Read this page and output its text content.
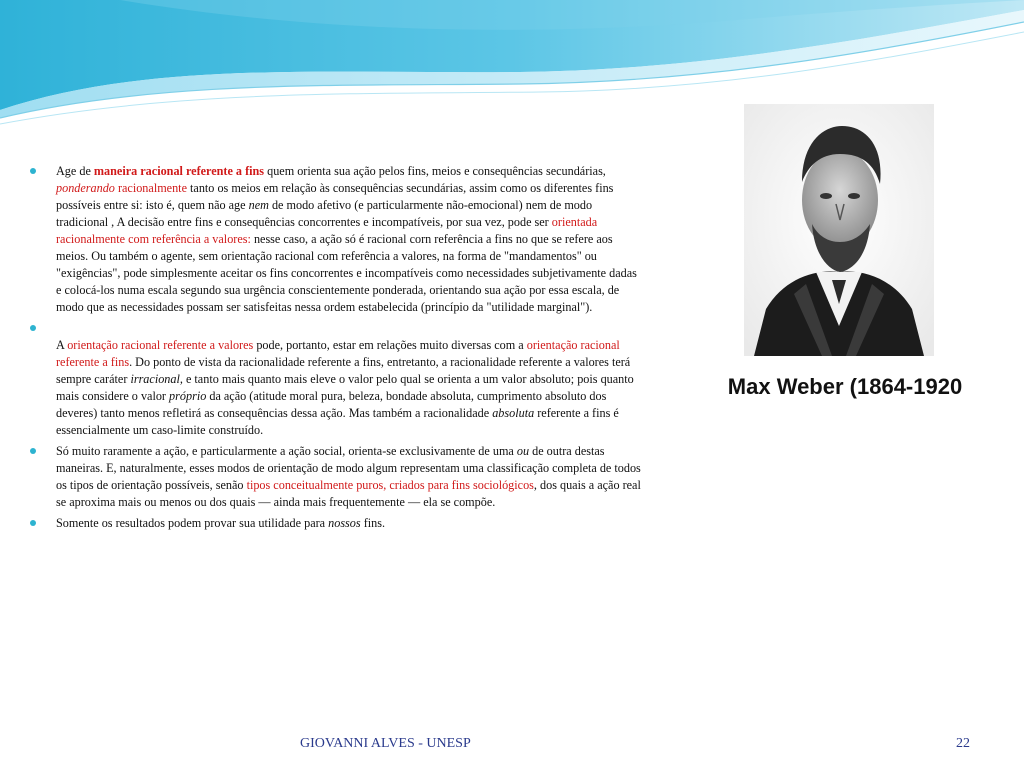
Age de maneira racional referente a fins quem orienta sua ação pelos fins, meios e consequências secundárias, ponderando racionalmente tanto os meios em relação às consequências secundárias, assim como os diferentes fins possíveis entre si: isto é, quem não age nem de modo afetivo (e particularmente não-emocional) nem de modo tradicional , A decisão entre fins e consequências concorrentes e incompatíveis, por sua vez, pode ser orientada racionalmente com referência a valores: nesse caso, a ação só é racional corn referência a fins no que se refere aos meios. Ou também o agente, sem orientação racional com referência a valores, na forma de "mandamentos" ou "exigências", pode simplesmente aceitar os fins concorrentes e incompatíveis como necessidades subjetivamente dadas e colocá-los numa escala segundo sua urgência conscientemente ponderada, orientando sua ação por essa escala, de modo que as necessidades possam ser satisfeitas nessa ordem estabelecida (princípio da "utilidade marginal").

A orientação racional referente a valores pode, portanto, estar em relações muito diversas com a orientação racional referente a fins. Do ponto de vista da racionalidade referente a fins, entretanto, a racionalidade referente a valores terá sempre caráter irracional, e tanto mais quanto mais eleve o valor pelo qual se orienta a um valor absoluto; pois quanto mais considere o valor próprio da ação (atitude moral pura, beleza, bondade absoluta, cumprimento absoluto dos deveres) tanto menos refletirá as consequências dessa ação. Mas também a racionalidade absoluta referente a fins é essencialmente um caso-limite construído.

Só muito raramente a ação, e particularmente a ação social, orienta-se exclusivamente de uma ou de outra destas maneiras. E, naturalmente, esses modos de orientação de modo algum representam uma classificação completa de todos os tipos de orientação possíveis, senão tipos conceitualmente puros, criados para fins sociológicos, dos quais a ação real se aproxima mais ou menos ou dos quais — ainda mais frequentemente — ela se compõe.

Somente os resultados podem provar sua utilidade para nossos fins.

Max Weber (1864-1920
GIOVANNI ALVES - UNESP	22
